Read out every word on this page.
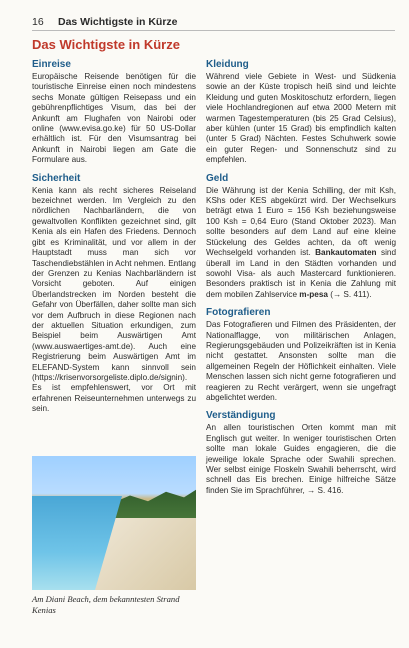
16 Das Wichtigste in Kürze
Das Wichtigste in Kürze
Einreise
Europäische Reisende benötigen für die touristische Einreise einen noch mindestens sechs Monate gültigen Reisepass und ein gebührenpflichtiges Visum, das bei der Ankunft am Flughafen von Nairobi oder online (www.evisa.go.ke) für 50 US-Dollar erhältlich ist. Für den Visumsantrag bei Ankunft in Nairobi liegen am Gate die Formulare aus.
Sicherheit
Kenia kann als recht sicheres Reiseland bezeichnet werden. Im Vergleich zu den nördlichen Nachbarländern, die von gewaltvollen Konflikten gezeichnet sind, gilt Kenia als ein Hafen des Friedens. Dennoch gibt es Kriminalität, und vor allem in der Hauptstadt muss man sich vor Taschendiebstählen in Acht nehmen. Entlang der Grenzen zu Kenias Nachbarländern ist Vorsicht geboten. Auf einigen Überlandstrecken im Norden besteht die Gefahr von Überfällen, daher sollte man sich vor dem Aufbruch in diese Regionen nach der aktuellen Situation erkundigen, zum Beispiel beim Auswärtigen Amt (www.auswaertiges-amt.de). Auch eine Registrierung beim Auswärtigen Amt im ELEFAND-System kann sinnvoll sein (https://krisenvorsorgeliste.diplo.de/signin). Es ist empfehlenswert, vor Ort mit erfahrenen Reiseunternehmen unterwegs zu sein.
Am Diani Beach, dem bekanntesten Strand Kenias
Kleidung
Während viele Gebiete in West- und Südkenia sowie an der Küste tropisch heiß sind und leichte Kleidung und guten Moskitoschutz erfordern, liegen viele Hochlandregionen auf etwa 2000 Metern mit warmen Tagestemperaturen (bis 25 Grad Celsius), aber kühlen (unter 15 Grad) bis empfindlich kalten (unter 5 Grad) Nächten. Festes Schuhwerk sowie ein guter Regen- und Sonnenschutz sind zu empfehlen.
Geld
Die Währung ist der Kenia Schilling, der mit Ksh, KShs oder KES abgekürzt wird. Der Wechselkurs beträgt etwa 1 Euro = 156 Ksh beziehungsweise 100 Ksh = 0,64 Euro (Stand Oktober 2023). Man sollte besonders auf dem Land auf eine kleine Stückelung des Geldes achten, da oft wenig Wechselgeld vorhanden ist. Bankautomaten sind überall im Land in den Städten vorhanden und sowohl Visa- als auch Mastercard funktionieren. Besonders praktisch ist in Kenia die Zahlung mit dem mobilen Zahlservice m-pesa (→ S. 411).
Fotografieren
Das Fotografieren und Filmen des Präsidenten, der Nationalflagge, von militärischen Anlagen, Regierungsgebäuden und Polizeikräften ist in Kenia nicht gestattet. Ansonsten sollte man die allgemeinen Regeln der Höflichkeit einhalten. Viele Menschen lassen sich nicht gerne fotografieren und reagieren zu Recht verärgert, wenn sie ungefragt abgelichtet werden.
Verständigung
An allen touristischen Orten kommt man mit Englisch gut weiter. In weniger touristischen Orten sollte man lokale Guides engagieren, die die jeweilige lokale Sprache oder Swahili sprechen. Wer selbst einige Floskeln Swahili beherrscht, wird schnell das Eis brechen. Einige hilfreiche Sätze finden Sie im Sprachführer, → S. 416.
